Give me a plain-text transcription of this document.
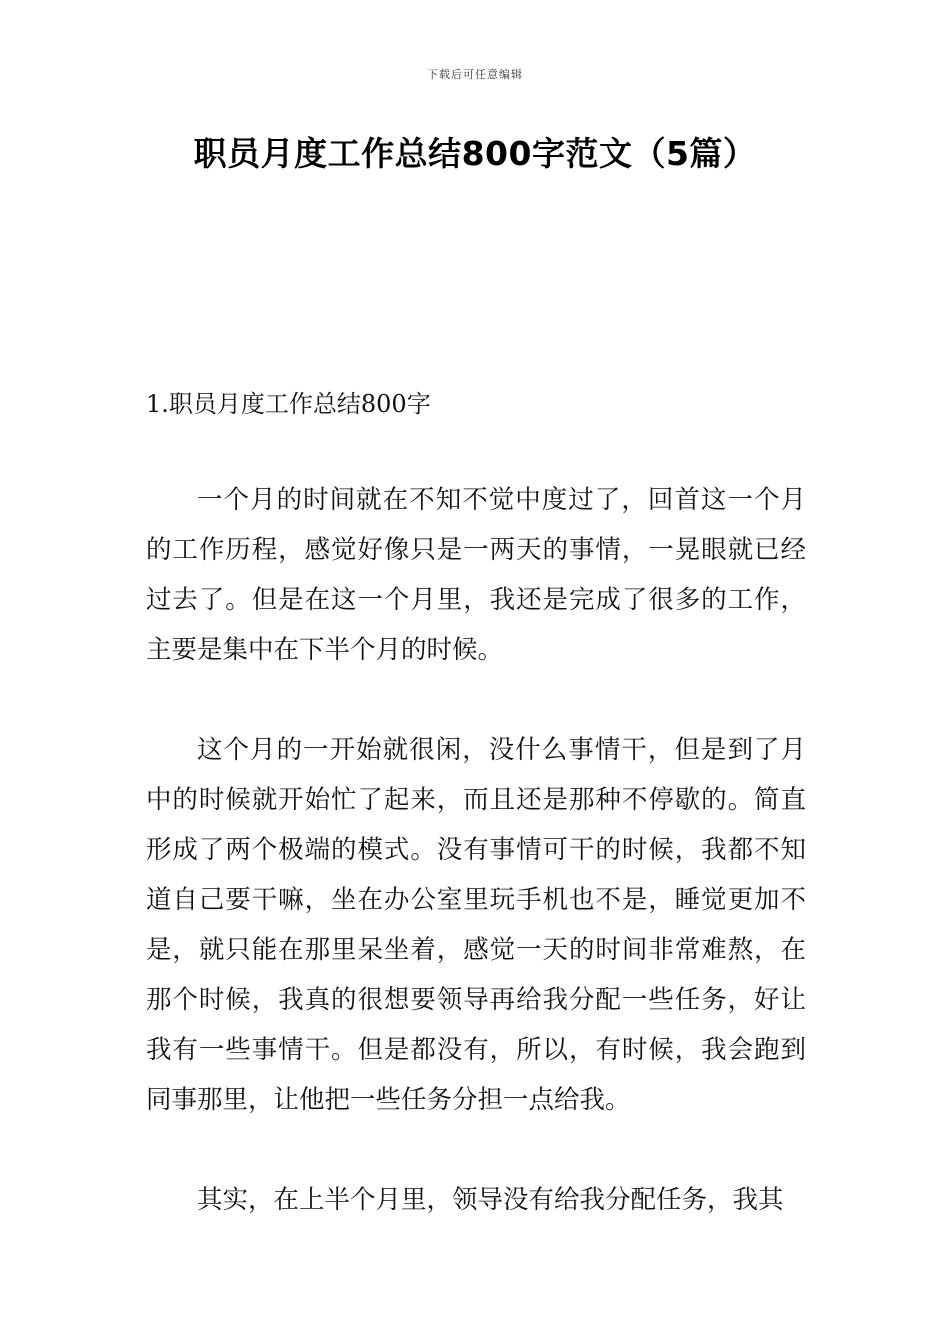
下载后可任意编辑
职员月度工作总结800字范文（5篇）
1.职员月度工作总结800字

一个月的时间就在不知不觉中度过了，回首这一个月的工作历程，感觉好像只是一两天的事情，一晃眼就已经过去了。但是在这一个月里，我还是完成了很多的工作，主要是集中在下半个月的时候。

这个月的一开始就很闲，没什么事情干，但是到了月中的时候就开始忙了起来，而且还是那种不停歇的。简直形成了两个极端的模式。没有事情可干的时候，我都不知道自己要干嘛，坐在办公室里玩手机也不是，睡觉更加不是，就只能在那里呆坐着，感觉一天的时间非常难熬，在那个时候，我真的很想要领导再给我分配一些任务，好让我有一些事情干。但是都没有，所以，有时候，我会跑到同事那里，让他把一些任务分担一点给我。

其实，在上半个月里，领导没有给我分配任务，我其
